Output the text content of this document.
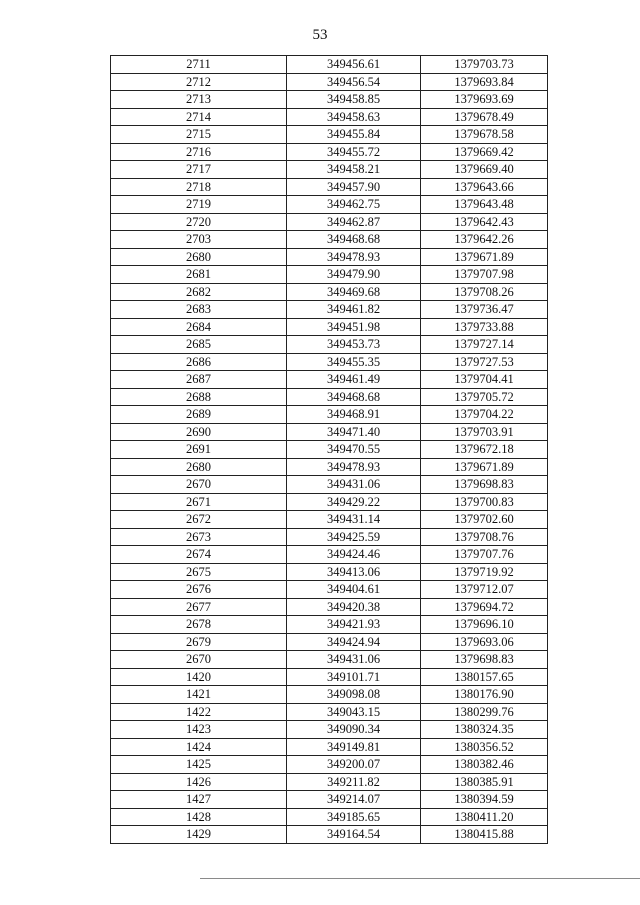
53
2711	349456.61	1379703.73
2712	349456.54	1379693.84
2713	349458.85	1379693.69
2714	349458.63	1379678.49
2715	349455.84	1379678.58
2716	349455.72	1379669.42
2717	349458.21	1379669.40
2718	349457.90	1379643.66
2719	349462.75	1379643.48
2720	349462.87	1379642.43
2703	349468.68	1379642.26
2680	349478.93	1379671.89
2681	349479.90	1379707.98
2682	349469.68	1379708.26
2683	349461.82	1379736.47
2684	349451.98	1379733.88
2685	349453.73	1379727.14
2686	349455.35	1379727.53
2687	349461.49	1379704.41
2688	349468.68	1379705.72
2689	349468.91	1379704.22
2690	349471.40	1379703.91
2691	349470.55	1379672.18
2680	349478.93	1379671.89
2670	349431.06	1379698.83
2671	349429.22	1379700.83
2672	349431.14	1379702.60
2673	349425.59	1379708.76
2674	349424.46	1379707.76
2675	349413.06	1379719.92
2676	349404.61	1379712.07
2677	349420.38	1379694.72
2678	349421.93	1379696.10
2679	349424.94	1379693.06
2670	349431.06	1379698.83
1420	349101.71	1380157.65
1421	349098.08	1380176.90
1422	349043.15	1380299.76
1423	349090.34	1380324.35
1424	349149.81	1380356.52
1425	349200.07	1380382.46
1426	349211.82	1380385.91
1427	349214.07	1380394.59
1428	349185.65	1380411.20
1429	349164.54	1380415.88
